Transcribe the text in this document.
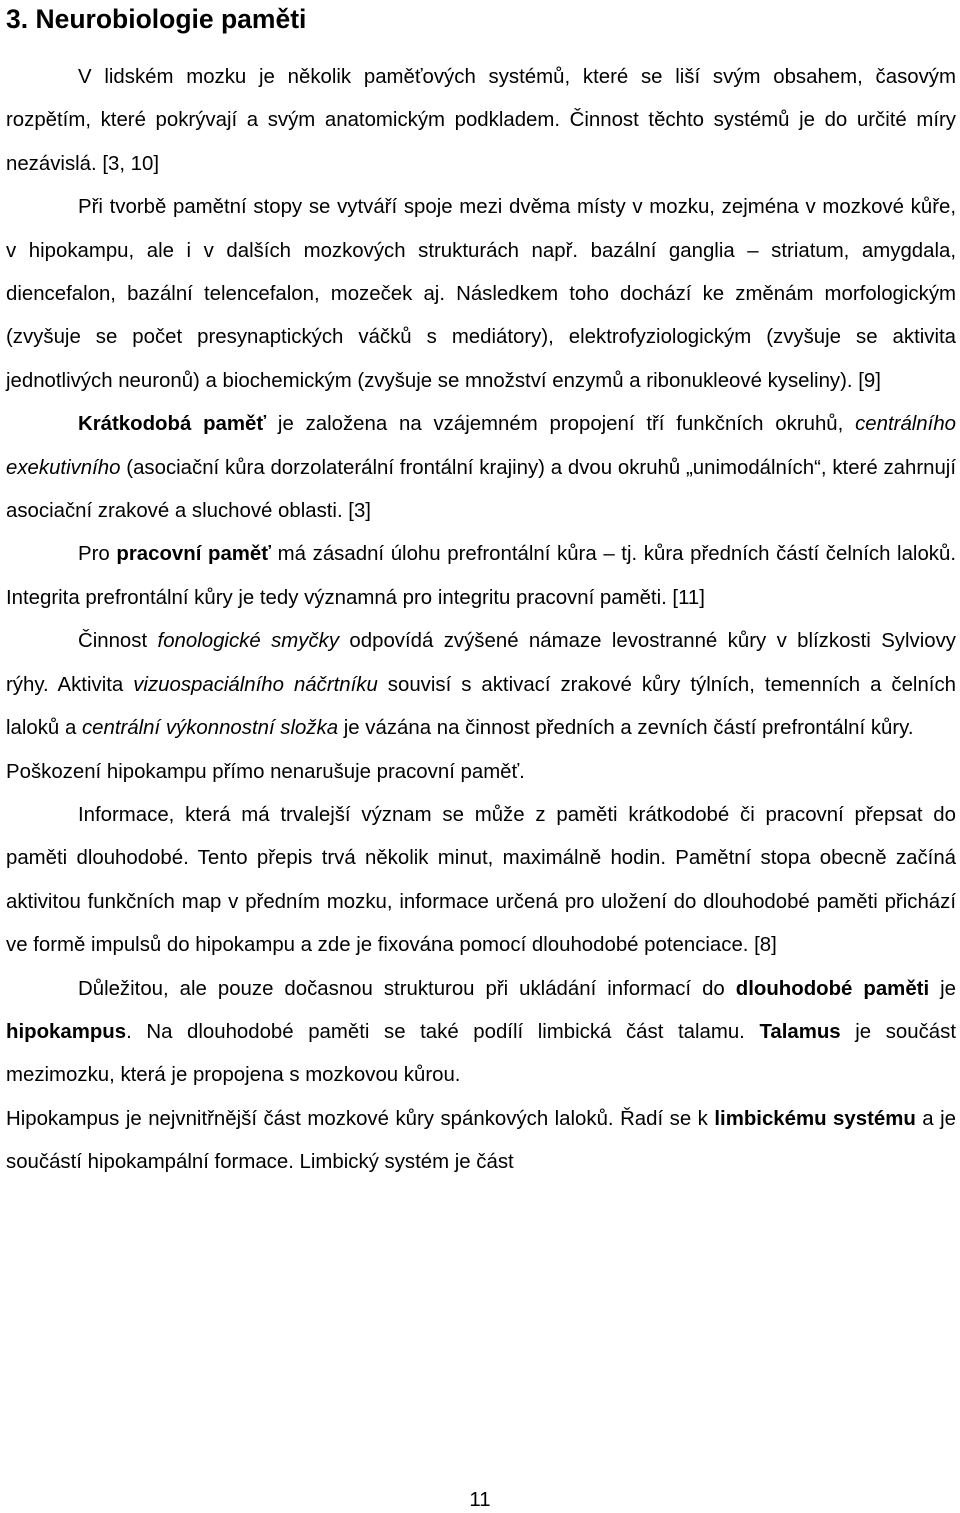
3. Neurobiologie paměti

V lidském mozku je několik paměťových systémů, které se liší svým obsahem, časovým rozpětím, které pokrývají a svým anatomickým podkladem. Činnost těchto systémů je do určité míry nezávislá. [3, 10]

Při tvorbě pamětní stopy se vytváří spoje mezi dvěma místy v mozku, zejména v mozkové kůře, v hipokampu, ale i v dalších mozkových strukturách např. bazální ganglia – striatum, amygdala, diencefalon, bazální telencefalon, mozeček aj. Následkem toho dochází ke změnám morfologickým (zvyšuje se počet presynaptických váčků s mediátory), elektrofyziologickým (zvyšuje se aktivita jednotlivých neuronů) a biochemickým (zvyšuje se množství enzymů a ribonukleové kyseliny). [9]

Krátkodobá paměť je založena na vzájemném propojení tří funkčních okruhů, centrálního exekutivního (asociační kůra dorzolaterální frontální krajiny) a dvou okruhů „unimodálních“, které zahrnují asociační zrakové a sluchové oblasti. [3]

Pro pracovní paměť má zásadní úlohu prefrontální kůra – tj. kůra předních částí čelních laloků. Integrita prefrontální kůry je tedy významná pro integritu pracovní paměti. [11]

Činnost fonologické smyčky odpovídá zvýšené námaze levostranné kůry v blízkosti Sylviovy rýhy. Aktivita vizuospaciálního náčrtníku souvisí s aktivací zrakové kůry týlních, temenních a čelních laloků a centrální výkonnostní složka je vázána na činnost předních a zevních částí prefrontální kůry.

Poškození hipokampu přímo nenarušuje pracovní paměť.

Informace, která má trvalejší význam se může z paměti krátkodobé či pracovní přepsat do paměti dlouhodobé. Tento přepis trvá několik minut, maximálně hodin. Pamětní stopa obecně začíná aktivitou funkčních map v předním mozku, informace určená pro uložení do dlouhodobé paměti přichází ve formě impulsů do hipokampu a zde je fixována pomocí dlouhodobé potenciace. [8]

Důležitou, ale pouze dočasnou strukturou při ukládání informací do dlouhodobé paměti je hipokampus. Na dlouhodobé paměti se také podílí limbická část talamu. Talamus je součást mezimozku, která je propojena s mozkovou kůrou.

Hipokampus je nejvnitřnější část mozkové kůry spánkových laloků. Řadí se k limbickému systému a je součástí hipokampální formace. Limbický systém je část

11
